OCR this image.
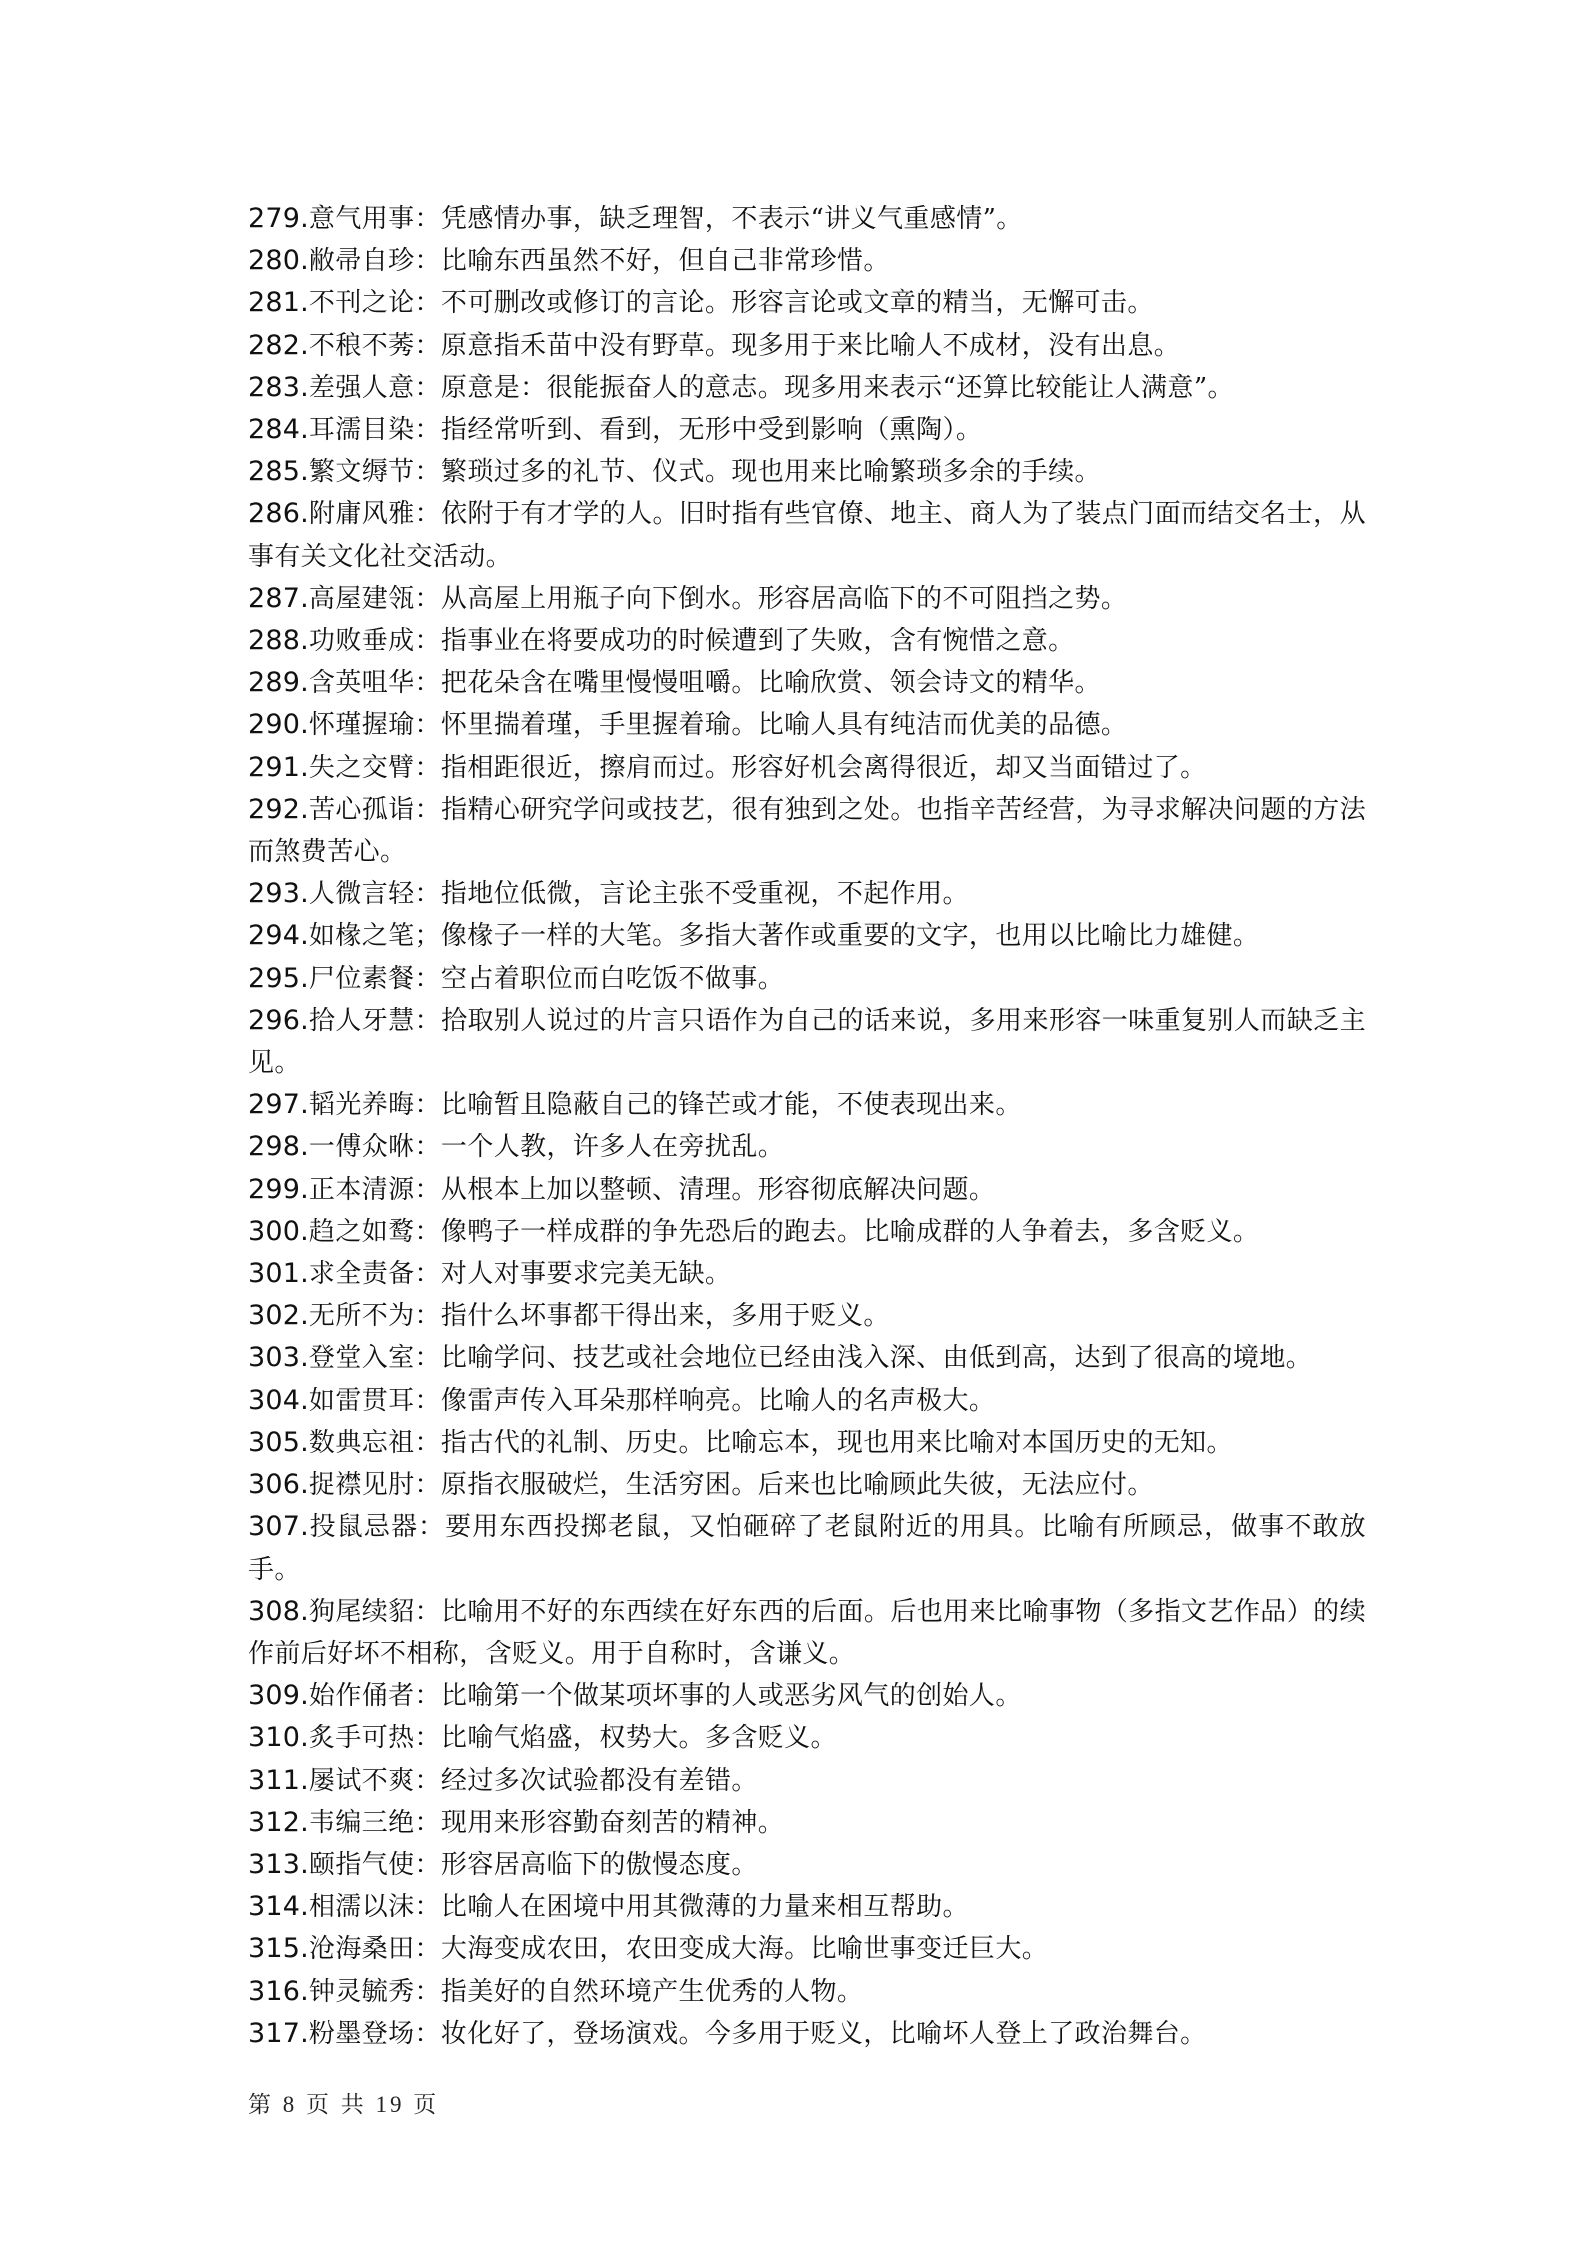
279.意气用事：凭感情办事，缺乏理智，不表示“讲义气重感情”。
280.敝帚自珍：比喻东西虽然不好，但自己非常珍惜。
281.不刊之论：不可删改或修订的言论。形容言论或文章的精当，无懈可击。
282.不稂不莠：原意指禾苗中没有野草。现多用于来比喻人不成材，没有出息。
283.差强人意：原意是：很能振奋人的意志。现多用来表示“还算比较能让人满意”。
284.耳濡目染：指经常听到、看到，无形中受到影响（熏陶）。
285.繁文缛节：繁琐过多的礼节、仪式。现也用来比喻繁琐多余的手续。
286.附庸风雅：依附于有才学的人。旧时指有些官僚、地主、商人为了装点门面而结交名士，从事有关文化社交活动。
287.高屋建瓴：从高屋上用瓶子向下倒水。形容居高临下的不可阻挡之势。
288.功败垂成：指事业在将要成功的时候遭到了失败，含有惋惜之意。
289.含英咀华：把花朵含在嘴里慢慢咀嚼。比喻欣赏、领会诗文的精华。
290.怀瑾握瑜：怀里揣着瑾，手里握着瑜。比喻人具有纯洁而优美的品德。
291.失之交臂：指相距很近，擦肩而过。形容好机会离得很近，却又当面错过了。
292.苦心孤诣：指精心研究学问或技艺，很有独到之处。也指辛苦经营，为寻求解决问题的方法而煞费苦心。
293.人微言轻：指地位低微，言论主张不受重视，不起作用。
294.如椽之笔；像椽子一样的大笔。多指大著作或重要的文字，也用以比喻比力雄健。
295.尸位素餐：空占着职位而白吃饭不做事。
296.拾人牙慧：拾取别人说过的片言只语作为自己的话来说，多用来形容一味重复别人而缺乏主见。
297.韬光养晦：比喻暂且隐蔽自己的锋芒或才能，不使表现出来。
298.一傅众咻：一个人教，许多人在旁扰乱。
299.正本清源：从根本上加以整顿、清理。形容彻底解决问题。
300.趋之如鹜：像鸭子一样成群的争先恐后的跑去。比喻成群的人争着去，多含贬义。
301.求全责备：对人对事要求完美无缺。
302.无所不为：指什么坏事都干得出来，多用于贬义。
303.登堂入室：比喻学问、技艺或社会地位已经由浅入深、由低到高，达到了很高的境地。
304.如雷贯耳：像雷声传入耳朵那样响亮。比喻人的名声极大。
305.数典忘祖：指古代的礼制、历史。比喻忘本，现也用来比喻对本国历史的无知。
306.捉襟见肘：原指衣服破烂，生活穷困。后来也比喻顾此失彼，无法应付。
307.投鼠忌器：要用东西投掷老鼠，又怕砸碎了老鼠附近的用具。比喻有所顾忌，做事不敢放手。
308.狗尾续貂：比喻用不好的东西续在好东西的后面。后也用来比喻事物（多指文艺作品）的续作前后好坏不相称，含贬义。用于自称时，含谦义。
309.始作俑者：比喻第一个做某项坏事的人或恶劣风气的创始人。
310.炙手可热：比喻气焰盛，权势大。多含贬义。
311.屡试不爽：经过多次试验都没有差错。
312.韦编三绝：现用来形容勤奋刻苦的精神。
313.颐指气使：形容居高临下的傲慢态度。
314.相濡以沫：比喻人在困境中用其微薄的力量来相互帮助。
315.沧海桑田：大海变成农田，农田变成大海。比喻世事变迁巨大。
316.钟灵毓秀：指美好的自然环境产生优秀的人物。
317.粉墨登场：妆化好了，登场演戏。今多用于贬义，比喻坏人登上了政治舞台。
第 8 页 共 19 页
